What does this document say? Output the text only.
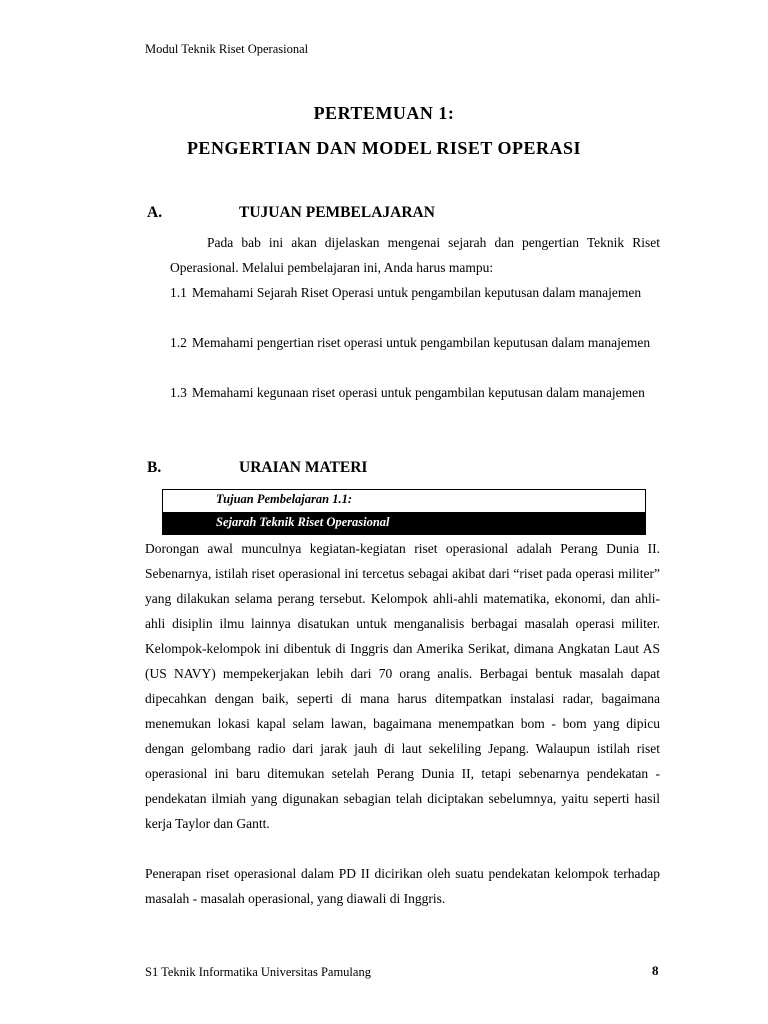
Modul Teknik Riset Operasional
PERTEMUAN 1:
PENGERTIAN DAN MODEL RISET OPERASI
A.	TUJUAN PEMBELAJARAN
Pada bab ini akan dijelaskan mengenai sejarah dan pengertian Teknik Riset Operasional. Melalui pembelajaran ini, Anda harus mampu:
1.1 Memahami Sejarah Riset Operasi untuk pengambilan keputusan dalam manajemen
1.2 Memahami pengertian riset operasi untuk pengambilan keputusan dalam manajemen
1.3 Memahami kegunaan riset operasi untuk pengambilan keputusan dalam manajemen
B.	URAIAN MATERI
Tujuan Pembelajaran 1.1:
Sejarah Teknik Riset Operasional
Dorongan awal munculnya kegiatan-kegiatan riset operasional adalah Perang Dunia II. Sebenarnya, istilah riset operasional ini tercetus sebagai akibat dari “riset pada operasi militer” yang dilakukan selama perang tersebut. Kelompok ahli-ahli matematika, ekonomi, dan ahli-ahli disiplin ilmu lainnya disatukan untuk menganalisis berbagai masalah operasi militer. Kelompok-kelompok ini dibentuk di Inggris dan Amerika Serikat, dimana Angkatan Laut AS (US NAVY) mempekerjakan lebih dari 70 orang analis. Berbagai bentuk masalah dapat dipecahkan dengan baik, seperti di mana harus ditempatkan instalasi radar, bagaimana menemukan lokasi kapal selam lawan, bagaimana menempatkan bom - bom yang dipicu dengan gelombang radio dari jarak jauh di laut sekeliling Jepang. Walaupun istilah riset operasional ini baru ditemukan setelah Perang Dunia II, tetapi sebenarnya pendekatan - pendekatan ilmiah yang digunakan sebagian telah diciptakan sebelumnya, yaitu seperti hasil kerja Taylor dan Gantt.
Penerapan riset operasional dalam PD II dicirikan oleh suatu pendekatan kelompok terhadap masalah - masalah operasional, yang diawali di Inggris.
S1 Teknik Informatika Universitas Pamulang	8
